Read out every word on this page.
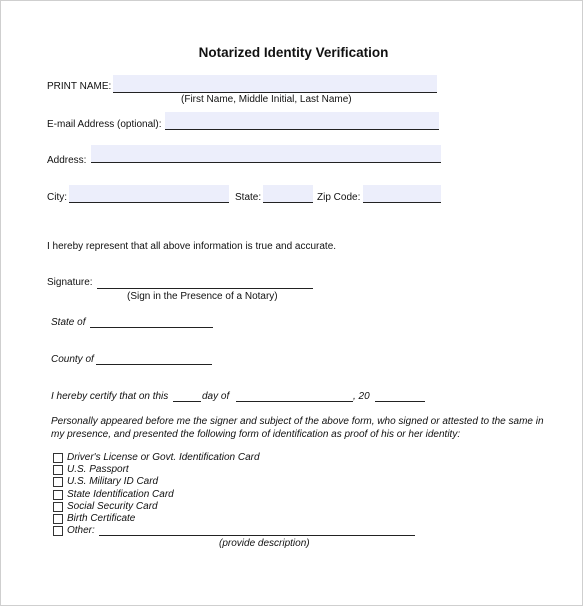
Notarized Identity Verification
PRINT NAME:
(First Name, Middle Initial, Last Name)
E-mail Address (optional):
Address:
City:	State:	Zip Code:
I hereby represent that all above information is true and accurate.
Signature:
(Sign in the Presence of a Notary)
State of
County of
I hereby certify that on this	day of	, 20
Personally appeared before me the signer and subject of the above form, who signed or attested to the same in
my presence, and presented the following form of identification as proof of his or her identity:
Driver's License or Govt. Identification Card
U.S. Passport
U.S. Military ID Card
State Identification Card
Social Security Card
Birth Certificate
Other:
(provide description)
